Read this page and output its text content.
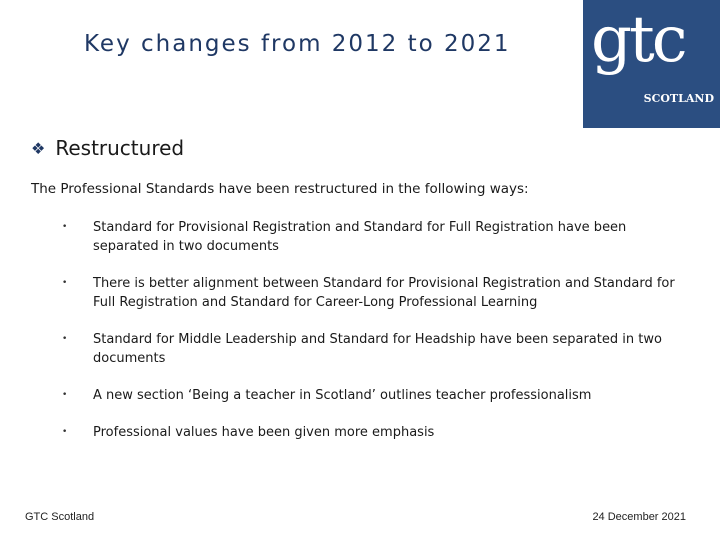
Key changes from 2012 to 2021 gtc
SCOTLAND
❖ Restructured
The Professional Standards have been restructured in the following ways:
•	Standard for Provisional Registration and Standard for Full Registration have been separated in two documents
•	There is better alignment between Standard for Provisional Registration and Standard for Full Registration and Standard for Career-Long Professional Learning
•	Standard for Middle Leadership and Standard for Headship have been separated in two documents
•	A new section ‘Being a teacher in Scotland’ outlines teacher professionalism
•	Professional values have been given more emphasis
GTC Scotland	24 December 2021
